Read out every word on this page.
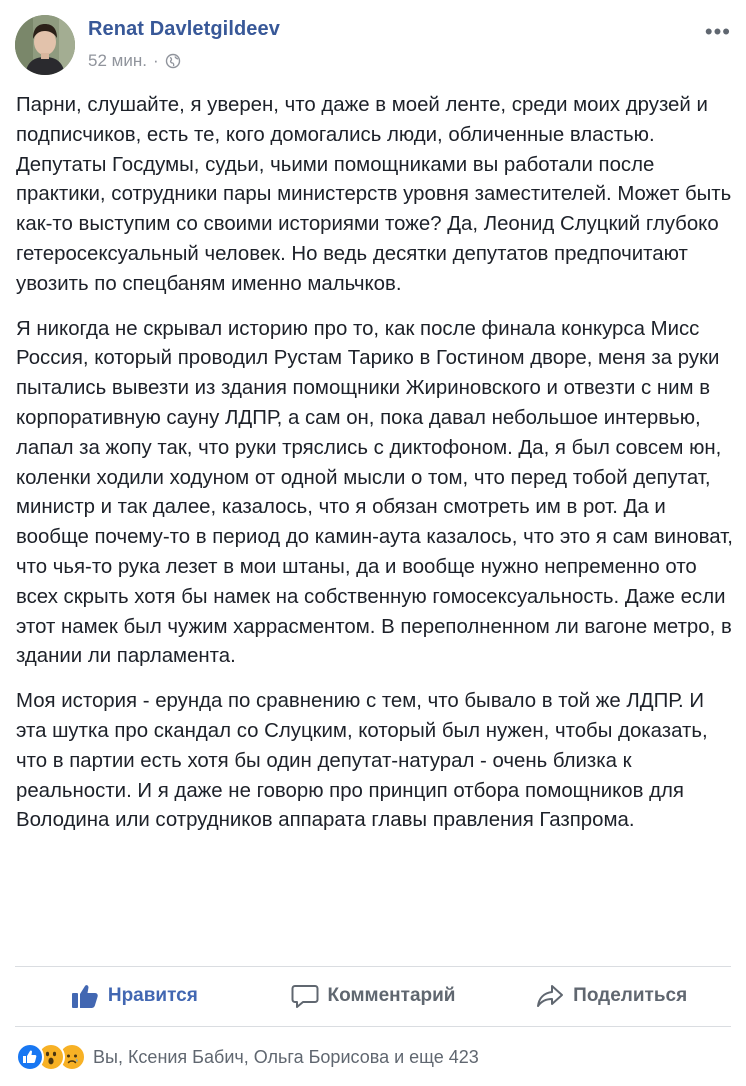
Renat Davletgildeev
52 мин. ·
•••

Парни, слушайте, я уверен, что даже в моей ленте, среди моих друзей и подписчиков, есть те, кого домогались люди, обличенные властью. Депутаты Госдумы, судьи, чьими помощниками вы работали после практики, сотрудники пары министерств уровня заместителей. Может быть как-то выступим со своими историями тоже? Да, Леонид Слуцкий глубоко гетеросексуальный человек. Но ведь десятки депутатов предпочитают увозить по спецбаням именно мальчков.

Я никогда не скрывал историю про то, как после финала конкурса Мисс Россия, который проводил Рустам Тарико в Гостином дворе, меня за руки пытались вывезти из здания помощники Жириновского и отвезти с ним в корпоративную сауну ЛДПР, а сам он, пока давал небольшое интервью, лапал за жопу так, что руки тряслись с диктофоном. Да, я был совсем юн, коленки ходили ходуном от одной мысли о том, что перед тобой депутат, министр и так далее, казалось, что я обязан смотреть им в рот. Да и вообще почему-то в период до камин-аута казалось, что это я сам виноват, что чья-то рука лезет в мои штаны, да и вообще нужно непременно ото всех скрыть хотя бы намек на собственную гомосексуальность. Даже если этот намек был чужим харрасментом. В переполненном ли вагоне метро, в здании ли парламента.

Моя история - ерунда по сравнению с тем, что бывало в той же ЛДПР. И эта шутка про скандал со Слуцким, который был нужен, чтобы доказать, что в партии есть хотя бы один депутат-натурал - очень близка к реальности. И я даже не говорю про принцип отбора помощников для Володина или сотрудников аппарата главы правления Газпрома.

Нравится	Комментарий	Поделиться
Вы, Ксения Бабич, Ольга Борисова и еще 423
